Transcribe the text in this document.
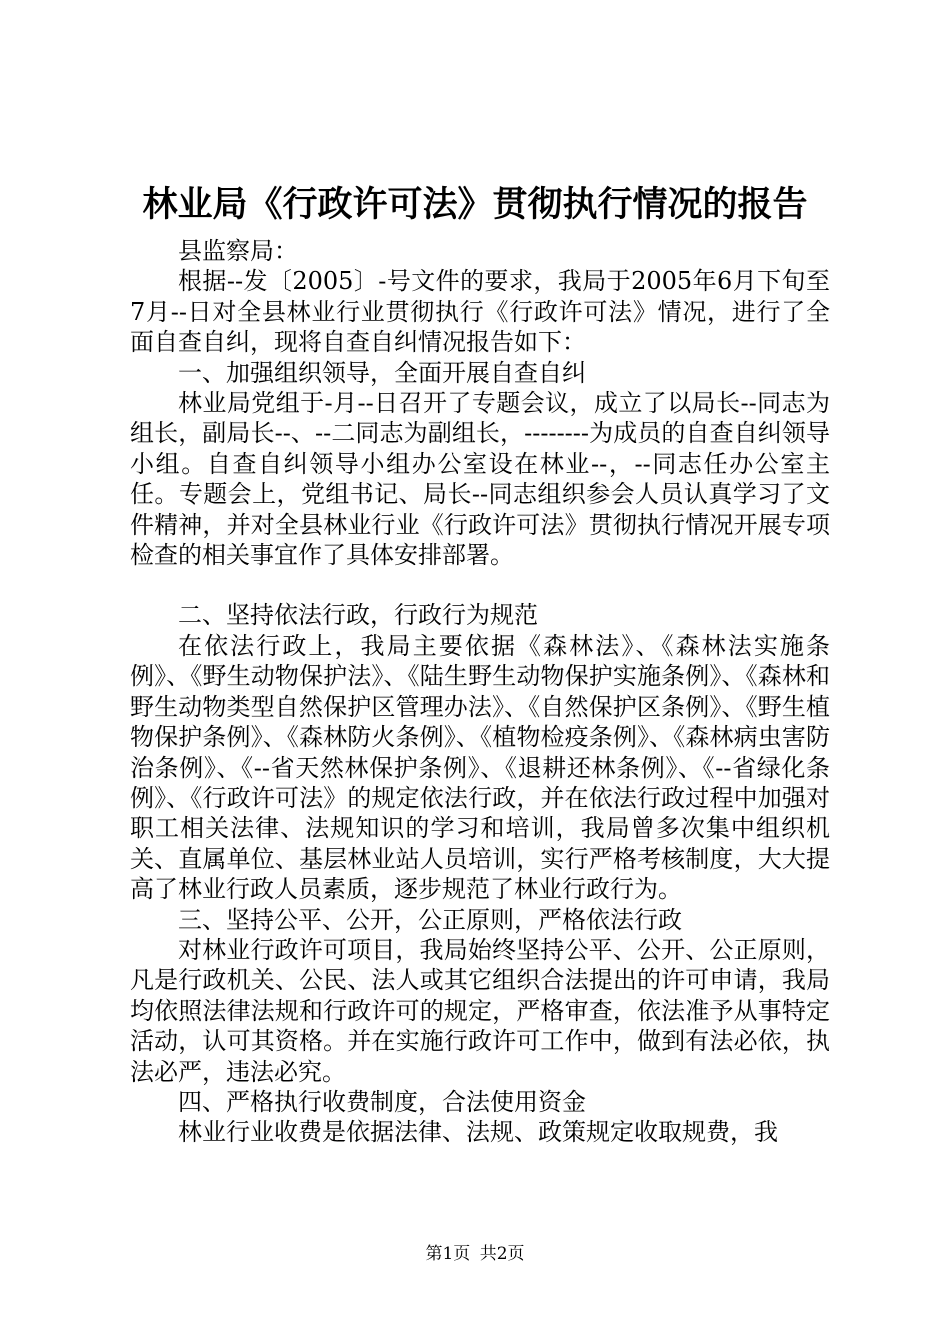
林业局《行政许可法》贯彻执行情况的报告

县监察局：

根据--发〔2005〕-号文件的要求，我局于2005年6月下旬至7月--日对全县林业行业贯彻执行《行政许可法》情况，进行了全面自查自纠，现将自查自纠情况报告如下：

一、加强组织领导，全面开展自查自纠

林业局党组于-月--日召开了专题会议，成立了以局长--同志为组长，副局长--、--二同志为副组长，--------为成员的自查自纠领导小组。自查自纠领导小组办公室设在林业--，--同志任办公室主任。专题会上，党组书记、局长--同志组织参会人员认真学习了文件精神，并对全县林业行业《行政许可法》贯彻执行情况开展专项检查的相关事宜作了具体安排部署。

二、坚持依法行政，行政行为规范

在依法行政上，我局主要依据《森林法》、《森林法实施条例》、《野生动物保护法》、《陆生野生动物保护实施条例》、《森林和野生动物类型自然保护区管理办法》、《自然保护区条例》、《野生植物保护条例》、《森林防火条例》、《植物检疫条例》、《森林病虫害防治条例》、《--省天然林保护条例》、《退耕还林条例》、《--省绿化条例》、《行政许可法》的规定依法行政，并在依法行政过程中加强对职工相关法律、法规知识的学习和培训，我局曾多次集中组织机关、直属单位、基层林业站人员培训，实行严格考核制度，大大提高了林业行政人员素质，逐步规范了林业行政行为。

三、坚持公平、公开，公正原则，严格依法行政

对林业行政许可项目，我局始终坚持公平、公开、公正原则，凡是行政机关、公民、法人或其它组织合法提出的许可申请，我局均依照法律法规和行政许可的规定，严格审查，依法准予从事特定活动，认可其资格。并在实施行政许可工作中，做到有法必依，执法必严，违法必究。

四、严格执行收费制度，合法使用资金

林业行业收费是依据法律、法规、政策规定收取规费，我

第1页 共2页
